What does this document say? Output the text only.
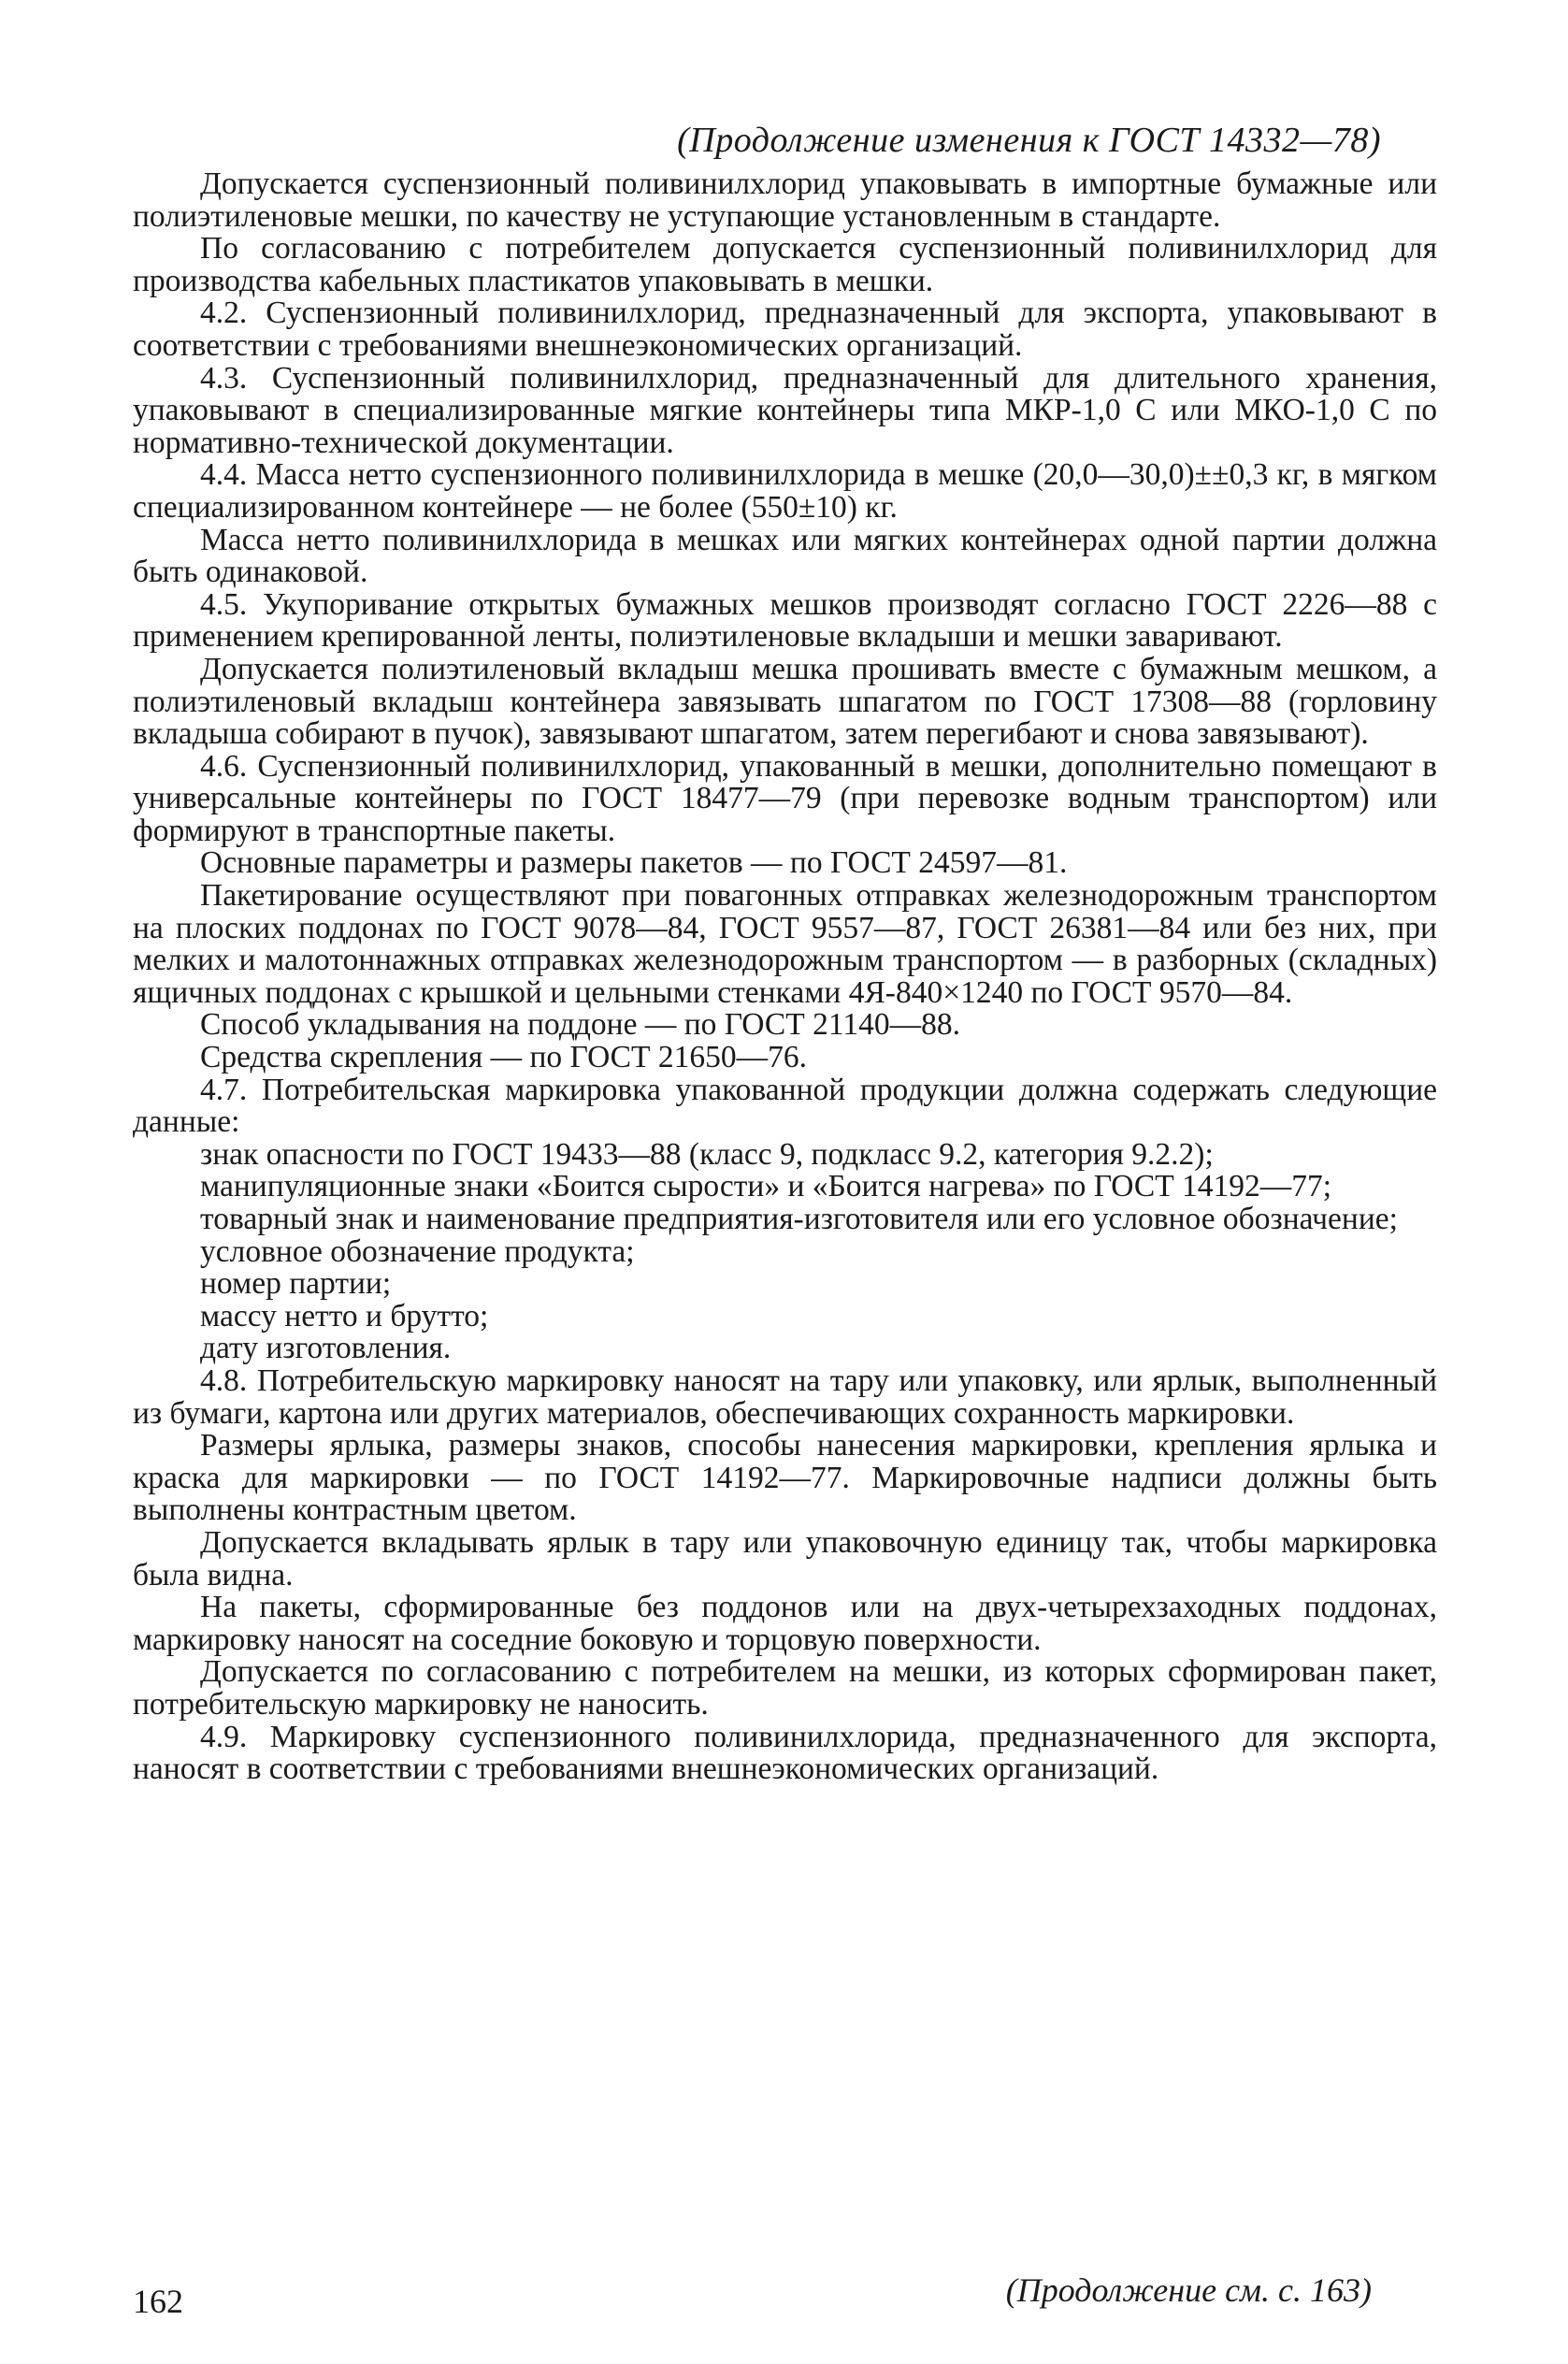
(Продолжение изменения к ГОСТ 14332—78)

Допускается суспензионный поливинилхлорид упаковывать в импортные бумажные или полиэтиленовые мешки, по качеству не уступающие установленным в стандарте.

По согласованию с потребителем допускается суспензионный поливинилхлорид для производства кабельных пластикатов упаковывать в мешки.

4.2. Суспензионный поливинилхлорид, предназначенный для экспорта, упаковывают в соответствии с требованиями внешнеэкономических организаций.

4.3. Суспензионный поливинилхлорид, предназначенный для длительного хранения, упаковывают в специализированные мягкие контейнеры типа МКР-1,0 С или МКО-1,0 С по нормативно-технической документации.

4.4. Масса нетто суспензионного поливинилхлорида в мешке (20,0—30,0)±±0,3 кг, в мягком специализированном контейнере — не более (550±10) кг.

Масса нетто поливинилхлорида в мешках или мягких контейнерах одной партии должна быть одинаковой.

4.5. Укупоривание открытых бумажных мешков производят согласно ГОСТ 2226—88 с применением крепированной ленты, полиэтиленовые вкладыши и мешки заваривают.

Допускается полиэтиленовый вкладыш мешка прошивать вместе с бумажным мешком, а полиэтиленовый вкладыш контейнера завязывать шпагатом по ГОСТ 17308—88 (горловину вкладыша собирают в пучок), завязывают шпагатом, затем перегибают и снова завязывают).

4.6. Суспензионный поливинилхлорид, упакованный в мешки, дополнительно помещают в универсальные контейнеры по ГОСТ 18477—79 (при перевозке водным транспортом) или формируют в транспортные пакеты.

Основные параметры и размеры пакетов — по ГОСТ 24597—81.

Пакетирование осуществляют при повагонных отправках железнодорожным транспортом на плоских поддонах по ГОСТ 9078—84, ГОСТ 9557—87, ГОСТ 26381—84 или без них, при мелких и малотоннажных отправках железнодорожным транспортом — в разборных (складных) ящичных поддонах с крышкой и цельными стенками 4Я-840×1240 по ГОСТ 9570—84.

Способ укладывания на поддоне — по ГОСТ 21140—88.

Средства скрепления — по ГОСТ 21650—76.

4.7. Потребительская маркировка упакованной продукции должна содержать следующие данные:

знак опасности по ГОСТ 19433—88 (класс 9, подкласс 9.2, категория 9.2.2);

манипуляционные знаки «Боится сырости» и «Боится нагрева» по ГОСТ 14192—77;

товарный знак и наименование предприятия-изготовителя или его условное обозначение;

условное обозначение продукта;

номер партии;

массу нетто и брутто;

дату изготовления.

4.8. Потребительскую маркировку наносят на тару или упаковку, или ярлык, выполненный из бумаги, картона или других материалов, обеспечивающих сохранность маркировки.

Размеры ярлыка, размеры знаков, способы нанесения маркировки, крепления ярлыка и краска для маркировки — по ГОСТ 14192—77. Маркировочные надписи должны быть выполнены контрастным цветом.

Допускается вкладывать ярлык в тару или упаковочную единицу так, чтобы маркировка была видна.

На пакеты, сформированные без поддонов или на двух-четырехзаходных поддонах, маркировку наносят на соседние боковую и торцовую поверхности.

Допускается по согласованию с потребителем на мешки, из которых сформирован пакет, потребительскую маркировку не наносить.

4.9. Маркировку суспензионного поливинилхлорида, предназначенного для экспорта, наносят в соответствии с требованиями внешнеэкономических организаций.

(Продолжение см. с. 163)
162
